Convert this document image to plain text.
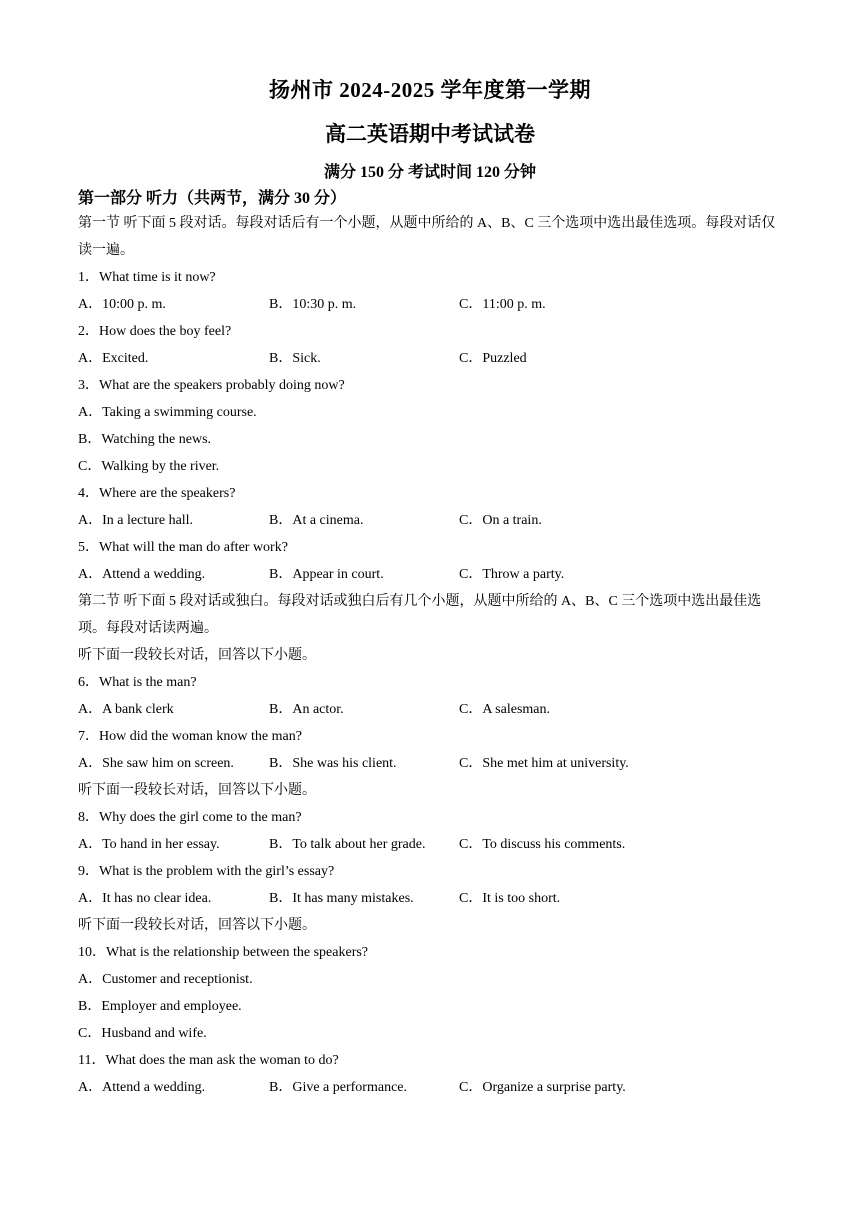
扬州市 2024-2025 学年度第一学期
高二英语期中考试试卷
满分 150 分 考试时间 120 分钟
第一部分 听力（共两节，满分 30 分）
第一节 听下面 5 段对话。每段对话后有一个小题，从题中所给的 A、B、C 三个选项中选出最佳选项。每段对话仅读一遍。
1．What time is it now?
A．10:00 p. m.	B．10:30 p. m.	C．11:00 p. m.
2．How does the boy feel?
A．Excited.	B．Sick.	C．Puzzled
3．What are the speakers probably doing now?
A．Taking a swimming course.
B．Watching the news.
C．Walking by the river.
4．Where are the speakers?
A．In a lecture hall.	B．At a cinema.	C．On a train.
5．What will the man do after work?
A．Attend a wedding.	B．Appear in court.	C．Throw a party.
第二节 听下面 5 段对话或独白。每段对话或独白后有几个小题，从题中所给的 A、B、C 三个选项中选出最佳选项。每段对话读两遍。
听下面一段较长对话，回答以下小题。
6．What is the man?
A．A bank clerk	B．An actor.	C．A salesman.
7．How did the woman know the man?
A．She saw him on screen.	B．She was his client.	C．She met him at university.
听下面一段较长对话，回答以下小题。
8．Why does the girl come to the man?
A．To hand in her essay.	B．To talk about her grade.	C．To discuss his comments.
9．What is the problem with the girl’s essay?
A．It has no clear idea.	B．It has many mistakes.	C．It is too short.
听下面一段较长对话，回答以下小题。
10．What is the relationship between the speakers?
A．Customer and receptionist.
B．Employer and employee.
C．Husband and wife.
11．What does the man ask the woman to do?
A．Attend a wedding.	B．Give a performance.	C．Organize a surprise party.
